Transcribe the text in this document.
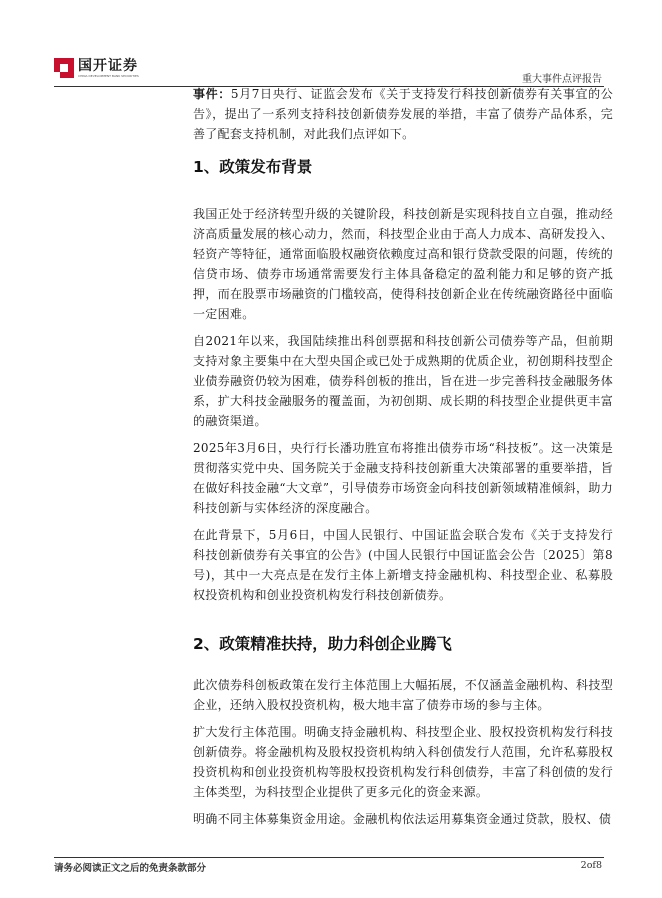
国开证券
CHINA DEVELOPMENT BANK SECURITIES	重大事件点评报告

事件：5月7日央行、证监会发布《关于支持发行科技创新债券有关事宜的公告》，提出了一系列支持科技创新债券发展的举措，丰富了债券产品体系，完善了配套支持机制，对此我们点评如下。

1、政策发布背景

我国正处于经济转型升级的关键阶段，科技创新是实现科技自立自强，推动经济高质量发展的核心动力，然而，科技型企业由于高人力成本、高研发投入、轻资产等特征，通常面临股权融资依赖度过高和银行贷款受限的问题，传统的信贷市场、债券市场通常需要发行主体具备稳定的盈利能力和足够的资产抵押，而在股票市场融资的门槛较高，使得科技创新企业在传统融资路径中面临一定困难。

自2021年以来，我国陆续推出科创票据和科技创新公司债券等产品，但前期支持对象主要集中在大型央国企或已处于成熟期的优质企业，初创期科技型企业债券融资仍较为困难，债券科创板的推出，旨在进一步完善科技金融服务体系，扩大科技金融服务的覆盖面，为初创期、成长期的科技型企业提供更丰富的融资渠道。

2025年3月6日，央行行长潘功胜宣布将推出债券市场“科技板”。这一决策是贯彻落实党中央、国务院关于金融支持科技创新重大决策部署的重要举措，旨在做好科技金融“大文章”，引导债券市场资金向科技创新领域精准倾斜，助力科技创新与实体经济的深度融合。

在此背景下，5月6日，中国人民银行、中国证监会联合发布《关于支持发行科技创新债券有关事宜的公告》(中国人民银行中国证监会公告〔2025〕第8号)，其中一大亮点是在发行主体上新增支持金融机构、科技型企业、私募股权投资机构和创业投资机构发行科技创新债券。

2、政策精准扶持，助力科创企业腾飞

此次债券科创板政策在发行主体范围上大幅拓展，不仅涵盖金融机构、科技型企业，还纳入股权投资机构，极大地丰富了债券市场的参与主体。

扩大发行主体范围。明确支持金融机构、科技型企业、股权投资机构发行科技创新债券。将金融机构及股权投资机构纳入科创债发行人范围，允许私募股权投资机构和创业投资机构等股权投资机构发行科创债券，丰富了科创债的发行主体类型，为科技型企业提供了更多元化的资金来源。

明确不同主体募集资金用途。金融机构依法运用募集资金通过贷款，股权、债

请务必阅读正文之后的免责条款部分	2of8
